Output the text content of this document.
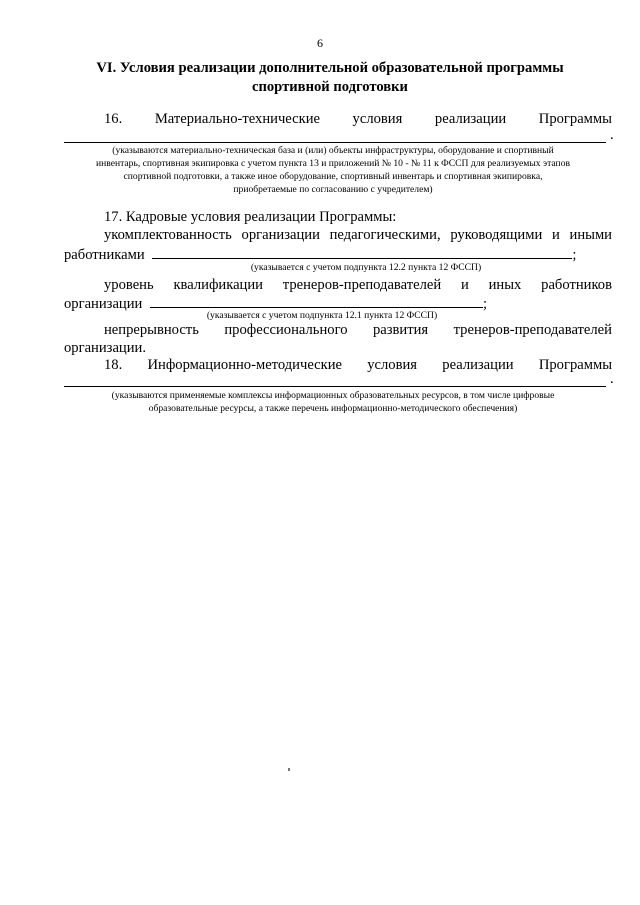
6
VI. Условия реализации дополнительной образовательной программы
спортивной подготовки
16. Материально-технические условия реализации Программы
.
(указываются материально-техническая база и (или) объекты инфраструктуры, оборудование и спортивный
инвентарь, спортивная экипировка с учетом пункта 13 и приложений № 10 - № 11 к ФССП для реализуемых этапов
спортивной подготовки, а также иное оборудование, спортивный инвентарь и спортивная экипировка,
приобретаемые по согласованию с учредителем)
17. Кадровые условия реализации Программы:
укомплектованность организации педагогическими, руководящими и иными
работниками	;
(указывается с учетом подпункта 12.2 пункта 12 ФССП)
уровень квалификации тренеров-преподавателей и иных работников
организации	;
(указывается с учетом подпункта 12.1 пункта 12 ФССП)
непрерывность профессионального развития тренеров-преподавателей
организации.
18. Информационно-методические условия реализации Программы
.
(указываются применяемые комплексы информационных образовательных ресурсов, в том числе цифровые
образовательные ресурсы, а также перечень информационно-методического обеспечения)
